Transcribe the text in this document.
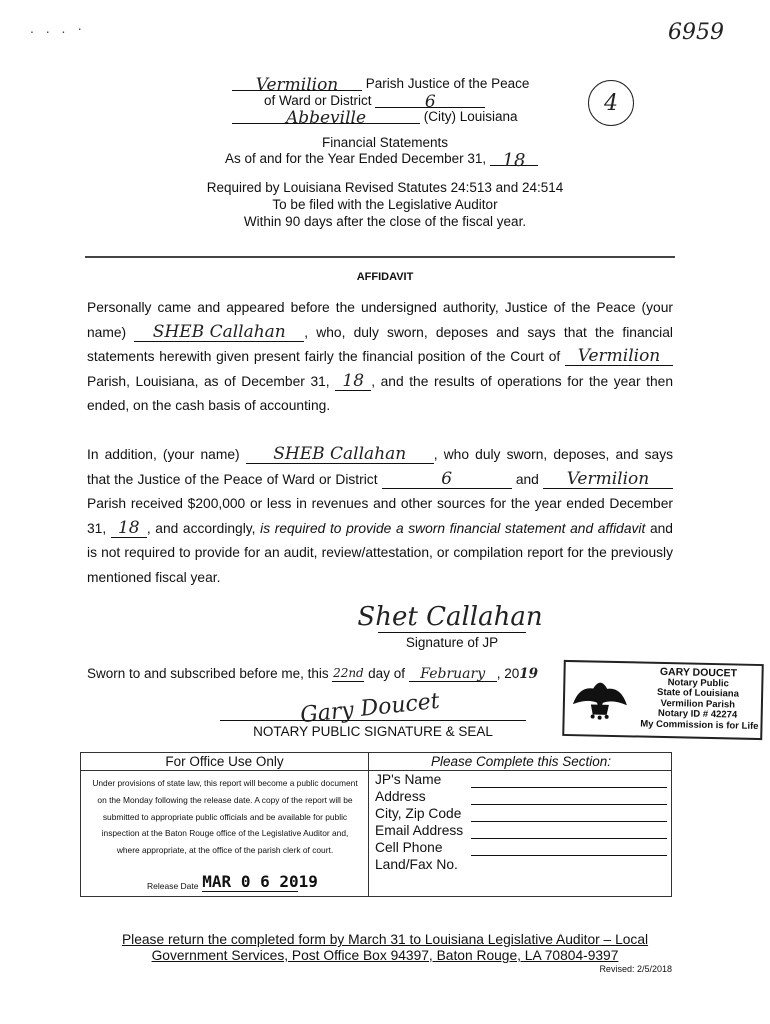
. . . ·	6959
4
Vermilion Parish Justice of the Peace
of Ward or District	6
Abbeville	(City) Louisiana
Financial Statements
As of and for the Year Ended December 31, 18
Required by Louisiana Revised Statutes 24:513 and 24:514
To be filed with the Legislative Auditor
Within 90 days after the close of the fiscal year.
AFFIDAVIT
Personally came and appeared before the undersigned authority, Justice of the Peace (your name) SHEB Callahan , who, duly sworn, deposes and says that the financial statements herewith given present fairly the financial position of the Court of Vermilion Parish, Louisiana, as of December 31, 18 , and the results of operations for the year then ended, on the cash basis of accounting.
In addition, (your name) SHEB Callahan , who duly sworn, deposes, and says that the Justice of the Peace of Ward or District	6	and Vermilion Parish received $200,000 or less in revenues and other sources for the year ended December 31, 18 , and accordingly, is required to provide a sworn financial statement and affidavit and is not required to provide for an audit, review/attestation, or compilation report for the previously mentioned fiscal year.
Shet Callahan
Signature of JP
Sworn to and subscribed before me, this 22nd day of February , 2019
Gary Doucet
NOTARY PUBLIC SIGNATURE & SEAL
GARY DOUCET
Notary Public
State of Louisiana
Vermilion Parish
Notary ID # 42274
My Commission is for Life
For Office Use Only
Under provisions of state law, this report will become a public document on the Monday following the release date. A copy of the report will be submitted to appropriate public officials and be available for public inspection at the Baton Rouge office of the Legislative Auditor and, where appropriate, at the office of the parish clerk of court.
Release Date MAR 0 6 2019
Please Complete this Section:
JP's Name
Address
City, Zip Code
Email Address
Cell Phone
Land/Fax No.
Please return the completed form by March 31 to Louisiana Legislative Auditor – Local
Government Services, Post Office Box 94397, Baton Rouge, LA 70804-9397
Revised: 2/5/2018
